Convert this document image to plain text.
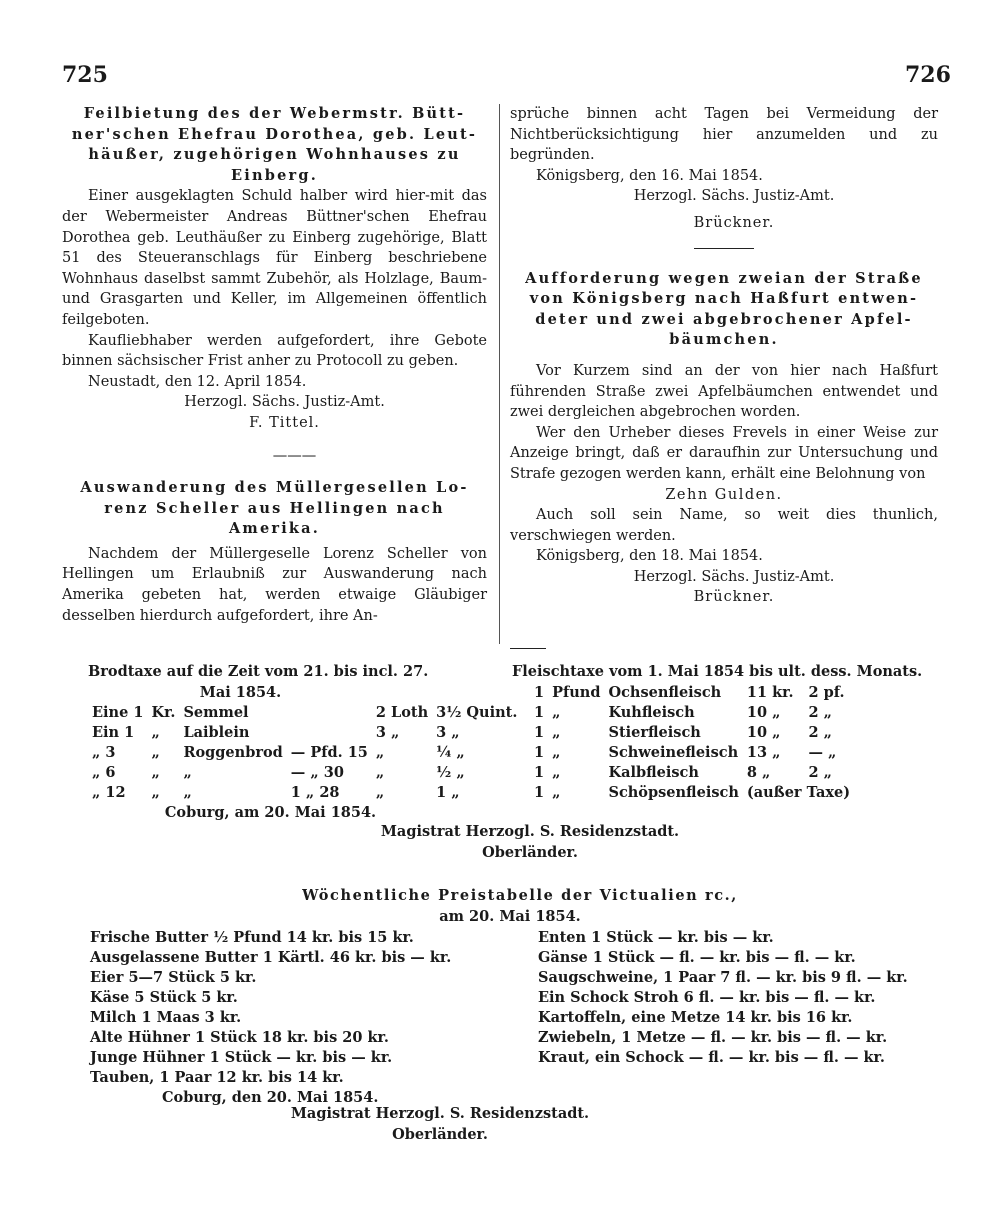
725	726

Feilbietung des der Webermstr. Bütt-

ner'schen Ehefrau Dorothea, geb. Leut-

häußer, zugehörigen Wohnhauses zu

Einberg.

Einer ausgeklagten Schuld halber wird hier-mit das der Webermeister Andreas Büttner'schen Ehefrau Dorothea geb. Leuthäußer zu Einberg zugehörige, Blatt 51 des Steueranschlags für Einberg beschriebene Wohnhaus daselbst sammt Zubehör, als Holzlage, Baum- und Grasgarten und Keller, im Allgemeinen öffentlich feilgeboten.

Kaufliebhaber werden aufgefordert, ihre Gebote binnen sächsischer Frist anher zu Protocoll zu geben.

Neustadt, den 12. April 1854.

Herzogl. Sächs. Justiz-Amt.

F. Tittel.

———

Auswanderung des Müllergesellen Lo-

renz Scheller aus Hellingen nach

Amerika.

Nachdem der Müllergeselle Lorenz Scheller von Hellingen um Erlaubniß zur Auswanderung nach Amerika gebeten hat, werden etwaige Gläubiger desselben hierdurch aufgefordert, ihre An-

sprüche binnen acht Tagen bei Vermeidung der Nichtberücksichtigung hier anzumelden und zu begründen.

Königsberg, den 16. Mai 1854.

Herzogl. Sächs. Justiz-Amt.

Brückner.

Aufforderung wegen zweian der Straße

von Königsberg nach Haßfurt entwen-

deter und zwei abgebrochener Apfel-

bäumchen.

Vor Kurzem sind an der von hier nach Haßfurt führenden Straße zwei Apfelbäumchen entwendet und zwei dergleichen abgebrochen worden.

Wer den Urheber dieses Frevels in einer Weise zur Anzeige bringt, daß er daraufhin zur Untersuchung und Strafe gezogen werden kann, erhält eine Belohnung von

Zehn Gulden.

Auch soll sein Name, so weit dies thunlich, verschwiegen werden.

Königsberg, den 18. Mai 1854.

Herzogl. Sächs. Justiz-Amt.

Brückner.

Brodtaxe auf die Zeit vom 21. bis incl. 27.

Mai 1854.

Eine 1	Kr.	Semmel		2 Loth	3½ Quint.
Ein 1	„	Laiblein		3 „	3 „
„ 3	„	Roggenbrod	— Pfd. 15	„	¼ „
„ 6	„	„	— „ 30	„	½ „
„ 12	„	„	1 „ 28	„	1 „

Coburg, am 20. Mai 1854.

Fleischtaxe vom 1. Mai 1854 bis ult. dess. Monats.

1	Pfund	Ochsenfleisch	11 kr.	2 pf.
1	„	Kuhfleisch	10 „	2 „
1	„	Stierfleisch	10 „	2 „
1	„	Schweinefleisch	13 „	— „
1	„	Kalbfleisch	8 „	2 „
1	„	Schöpsenfleisch	(außer Taxe)	

Magistrat Herzogl. S. Residenzstadt.

Oberländer.

Wöchentliche Preistabelle der Victualien rc.,

am 20. Mai 1854.

Frische Butter ½ Pfund 14 kr. bis 15 kr.

Ausgelassene Butter 1 Kärtl. 46 kr. bis — kr.

Eier 5—7 Stück 5 kr.

Käse 5 Stück 5 kr.

Milch 1 Maas 3 kr.

Alte Hühner 1 Stück 18 kr. bis 20 kr.

Junge Hühner 1 Stück — kr. bis — kr.

Tauben, 1 Paar 12 kr. bis 14 kr.

Coburg, den 20. Mai 1854.

Enten 1 Stück — kr. bis — kr.

Gänse 1 Stück — fl. — kr. bis — fl. — kr.

Saugschweine, 1 Paar 7 fl. — kr. bis 9 fl. — kr.

Ein Schock Stroh 6 fl. — kr. bis — fl. — kr.

Kartoffeln, eine Metze 14 kr. bis 16 kr.

Zwiebeln, 1 Metze — fl. — kr. bis — fl. — kr.

Kraut, ein Schock — fl. — kr. bis — fl. — kr.

Magistrat Herzogl. S. Residenzstadt.

Oberländer.
